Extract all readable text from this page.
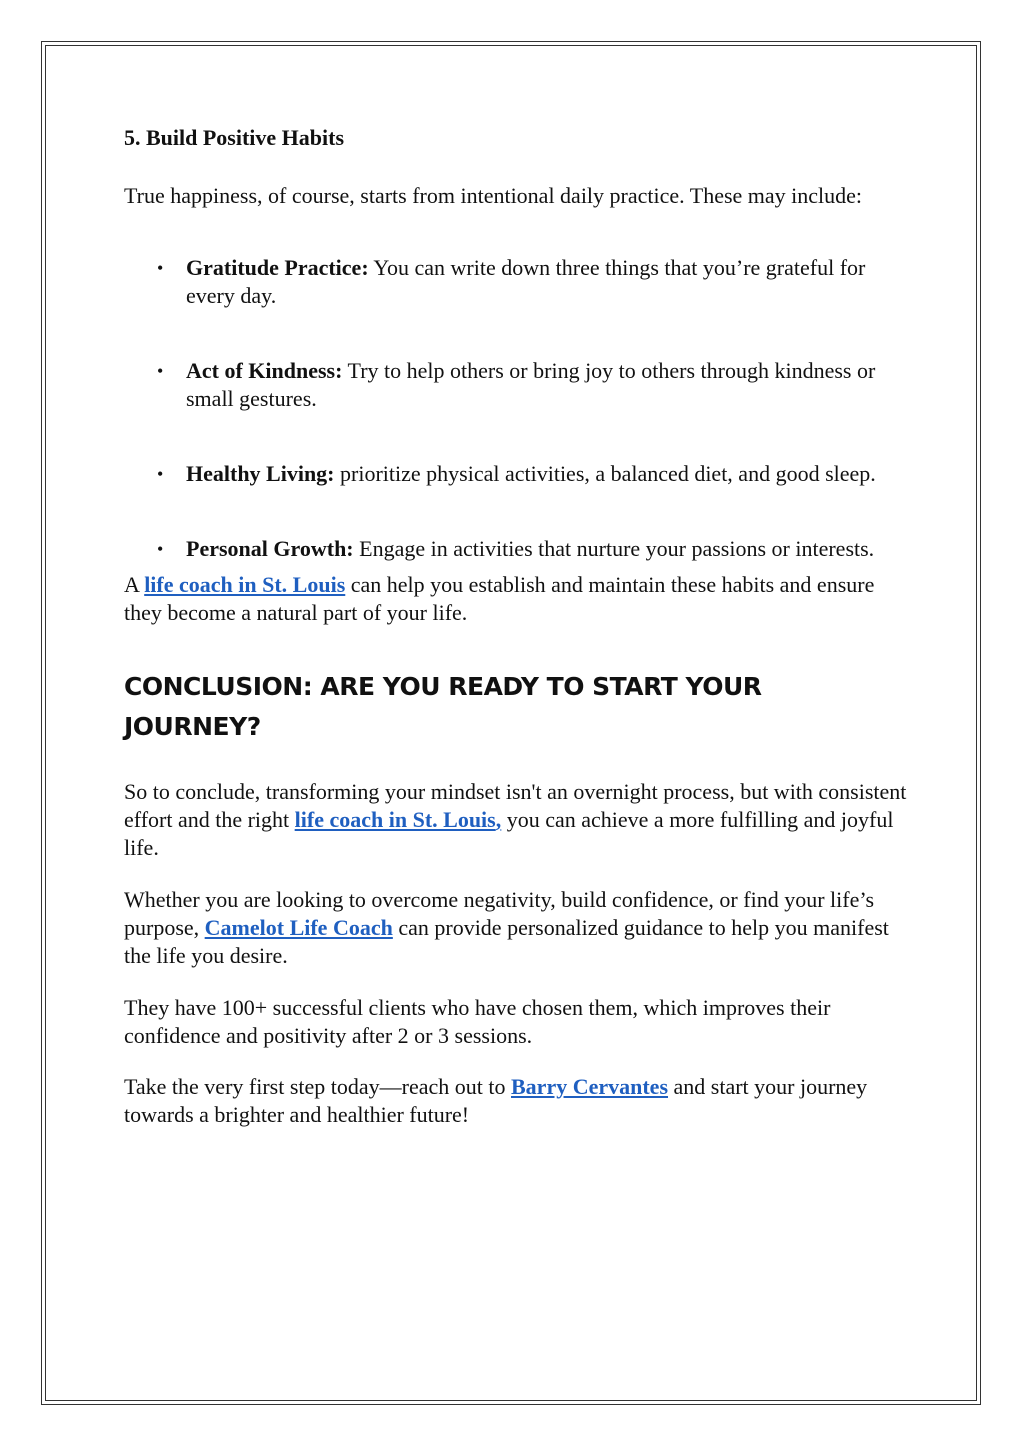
5. Build Positive Habits

True happiness, of course, starts from intentional daily practice. These may include:

• Gratitude Practice: You can write down three things that you’re grateful for every day.
• Act of Kindness: Try to help others or bring joy to others through kindness or small gestures.
• Healthy Living: prioritize physical activities, a balanced diet, and good sleep.
• Personal Growth: Engage in activities that nurture your passions or interests.

A life coach in St. Louis can help you establish and maintain these habits and ensure they become a natural part of your life.

CONCLUSION: ARE YOU READY TO START YOUR JOURNEY?

So to conclude, transforming your mindset isn't an overnight process, but with consistent effort and the right life coach in St. Louis, you can achieve a more fulfilling and joyful life.

Whether you are looking to overcome negativity, build confidence, or find your life’s purpose, Camelot Life Coach can provide personalized guidance to help you manifest the life you desire.

They have 100+ successful clients who have chosen them, which improves their confidence and positivity after 2 or 3 sessions.

Take the very first step today—reach out to Barry Cervantes and start your journey towards a brighter and healthier future!
